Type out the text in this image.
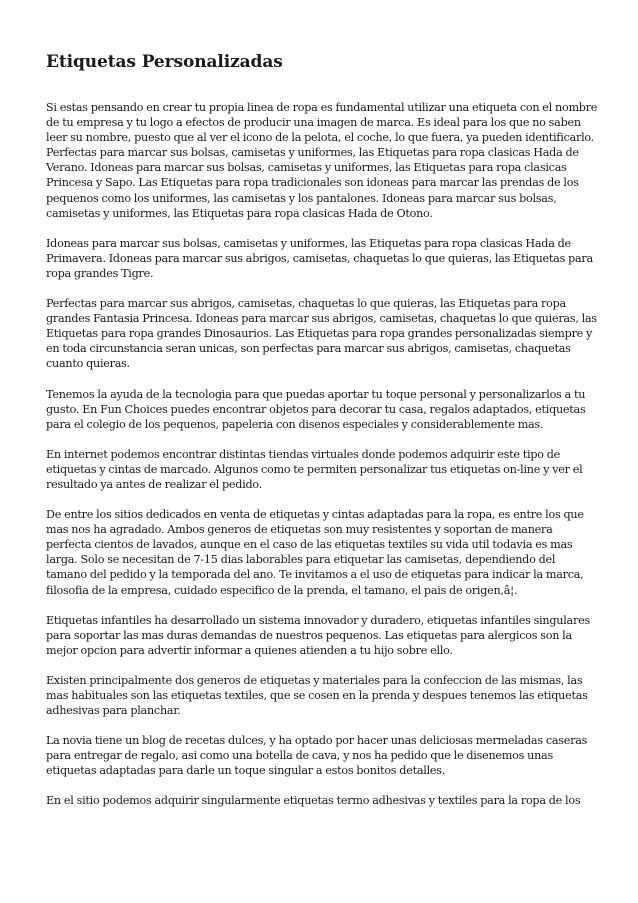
Etiquetas Personalizadas

Si estas pensando en crear tu propia linea de ropa es fundamental utilizar una etiqueta con el nombre de tu empresa y tu logo a efectos de producir una imagen de marca. Es ideal para los que no saben leer su nombre, puesto que al ver el icono de la pelota, el coche, lo que fuera, ya pueden identificarlo. Perfectas para marcar sus bolsas, camisetas y uniformes, las Etiquetas para ropa clasicas Hada de Verano. Idoneas para marcar sus bolsas, camisetas y uniformes, las Etiquetas para ropa clasicas Princesa y Sapo. Las Etiquetas para ropa tradicionales son idoneas para marcar las prendas de los pequenos como los uniformes, las camisetas y los pantalones. Idoneas para marcar sus bolsas, camisetas y uniformes, las Etiquetas para ropa clasicas Hada de Otono.

Idoneas para marcar sus bolsas, camisetas y uniformes, las Etiquetas para ropa clasicas Hada de Primavera. Idoneas para marcar sus abrigos, camisetas, chaquetas lo que quieras, las Etiquetas para ropa grandes Tigre.

Perfectas para marcar sus abrigos, camisetas, chaquetas lo que quieras, las Etiquetas para ropa grandes Fantasia Princesa. Idoneas para marcar sus abrigos, camisetas, chaquetas lo que quieras, las Etiquetas para ropa grandes Dinosaurios. Las Etiquetas para ropa grandes personalizadas siempre y en toda circunstancia seran unicas, son perfectas para marcar sus abrigos, camisetas, chaquetas cuanto quieras.

Tenemos la ayuda de la tecnologia para que puedas aportar tu toque personal y personalizarlos a tu gusto. En Fun Choices puedes encontrar objetos para decorar tu casa, regalos adaptados, etiquetas para el colegio de los pequenos, papeleria con disenos especiales y considerablemente mas.

En internet podemos encontrar distintas tiendas virtuales donde podemos adquirir este tipo de etiquetas y cintas de marcado. Algunos como te permiten personalizar tus etiquetas on-line y ver el resultado ya antes de realizar el pedido.

De entre los sitios dedicados en venta de etiquetas y cintas adaptadas para la ropa, es entre los que mas nos ha agradado. Ambos generos de etiquetas son muy resistentes y soportan de manera perfecta cientos de lavados, aunque en el caso de las etiquetas textiles su vida util todavia es mas larga. Solo se necesitan de 7-15 dias laborables para etiquetar las camisetas, dependiendo del tamano del pedido y la temporada del ano. Te invitamos a el uso de etiquetas para indicar la marca, filosofia de la empresa, cuidado especifico de la prenda, el tamano, el pais de origen,â¦.

Etiquetas infantiles ha desarrollado un sistema innovador y duradero, etiquetas infantiles singulares para soportar las mas duras demandas de nuestros pequenos. Las etiquetas para alergicos son la mejor opcion para advertir informar a quienes atienden a tu hijo sobre ello.

Existen principalmente dos generos de etiquetas y materiales para la confeccion de las mismas, las mas habituales son las etiquetas textiles, que se cosen en la prenda y despues tenemos las etiquetas adhesivas para planchar.

La novia tiene un blog de recetas dulces, y ha optado por hacer unas deliciosas mermeladas caseras para entregar de regalo, asi como una botella de cava, y nos ha pedido que le disenemos unas etiquetas adaptadas para darle un toque singular a estos bonitos detalles.

En el sitio podemos adquirir singularmente etiquetas termo adhesivas y textiles para la ropa de los
